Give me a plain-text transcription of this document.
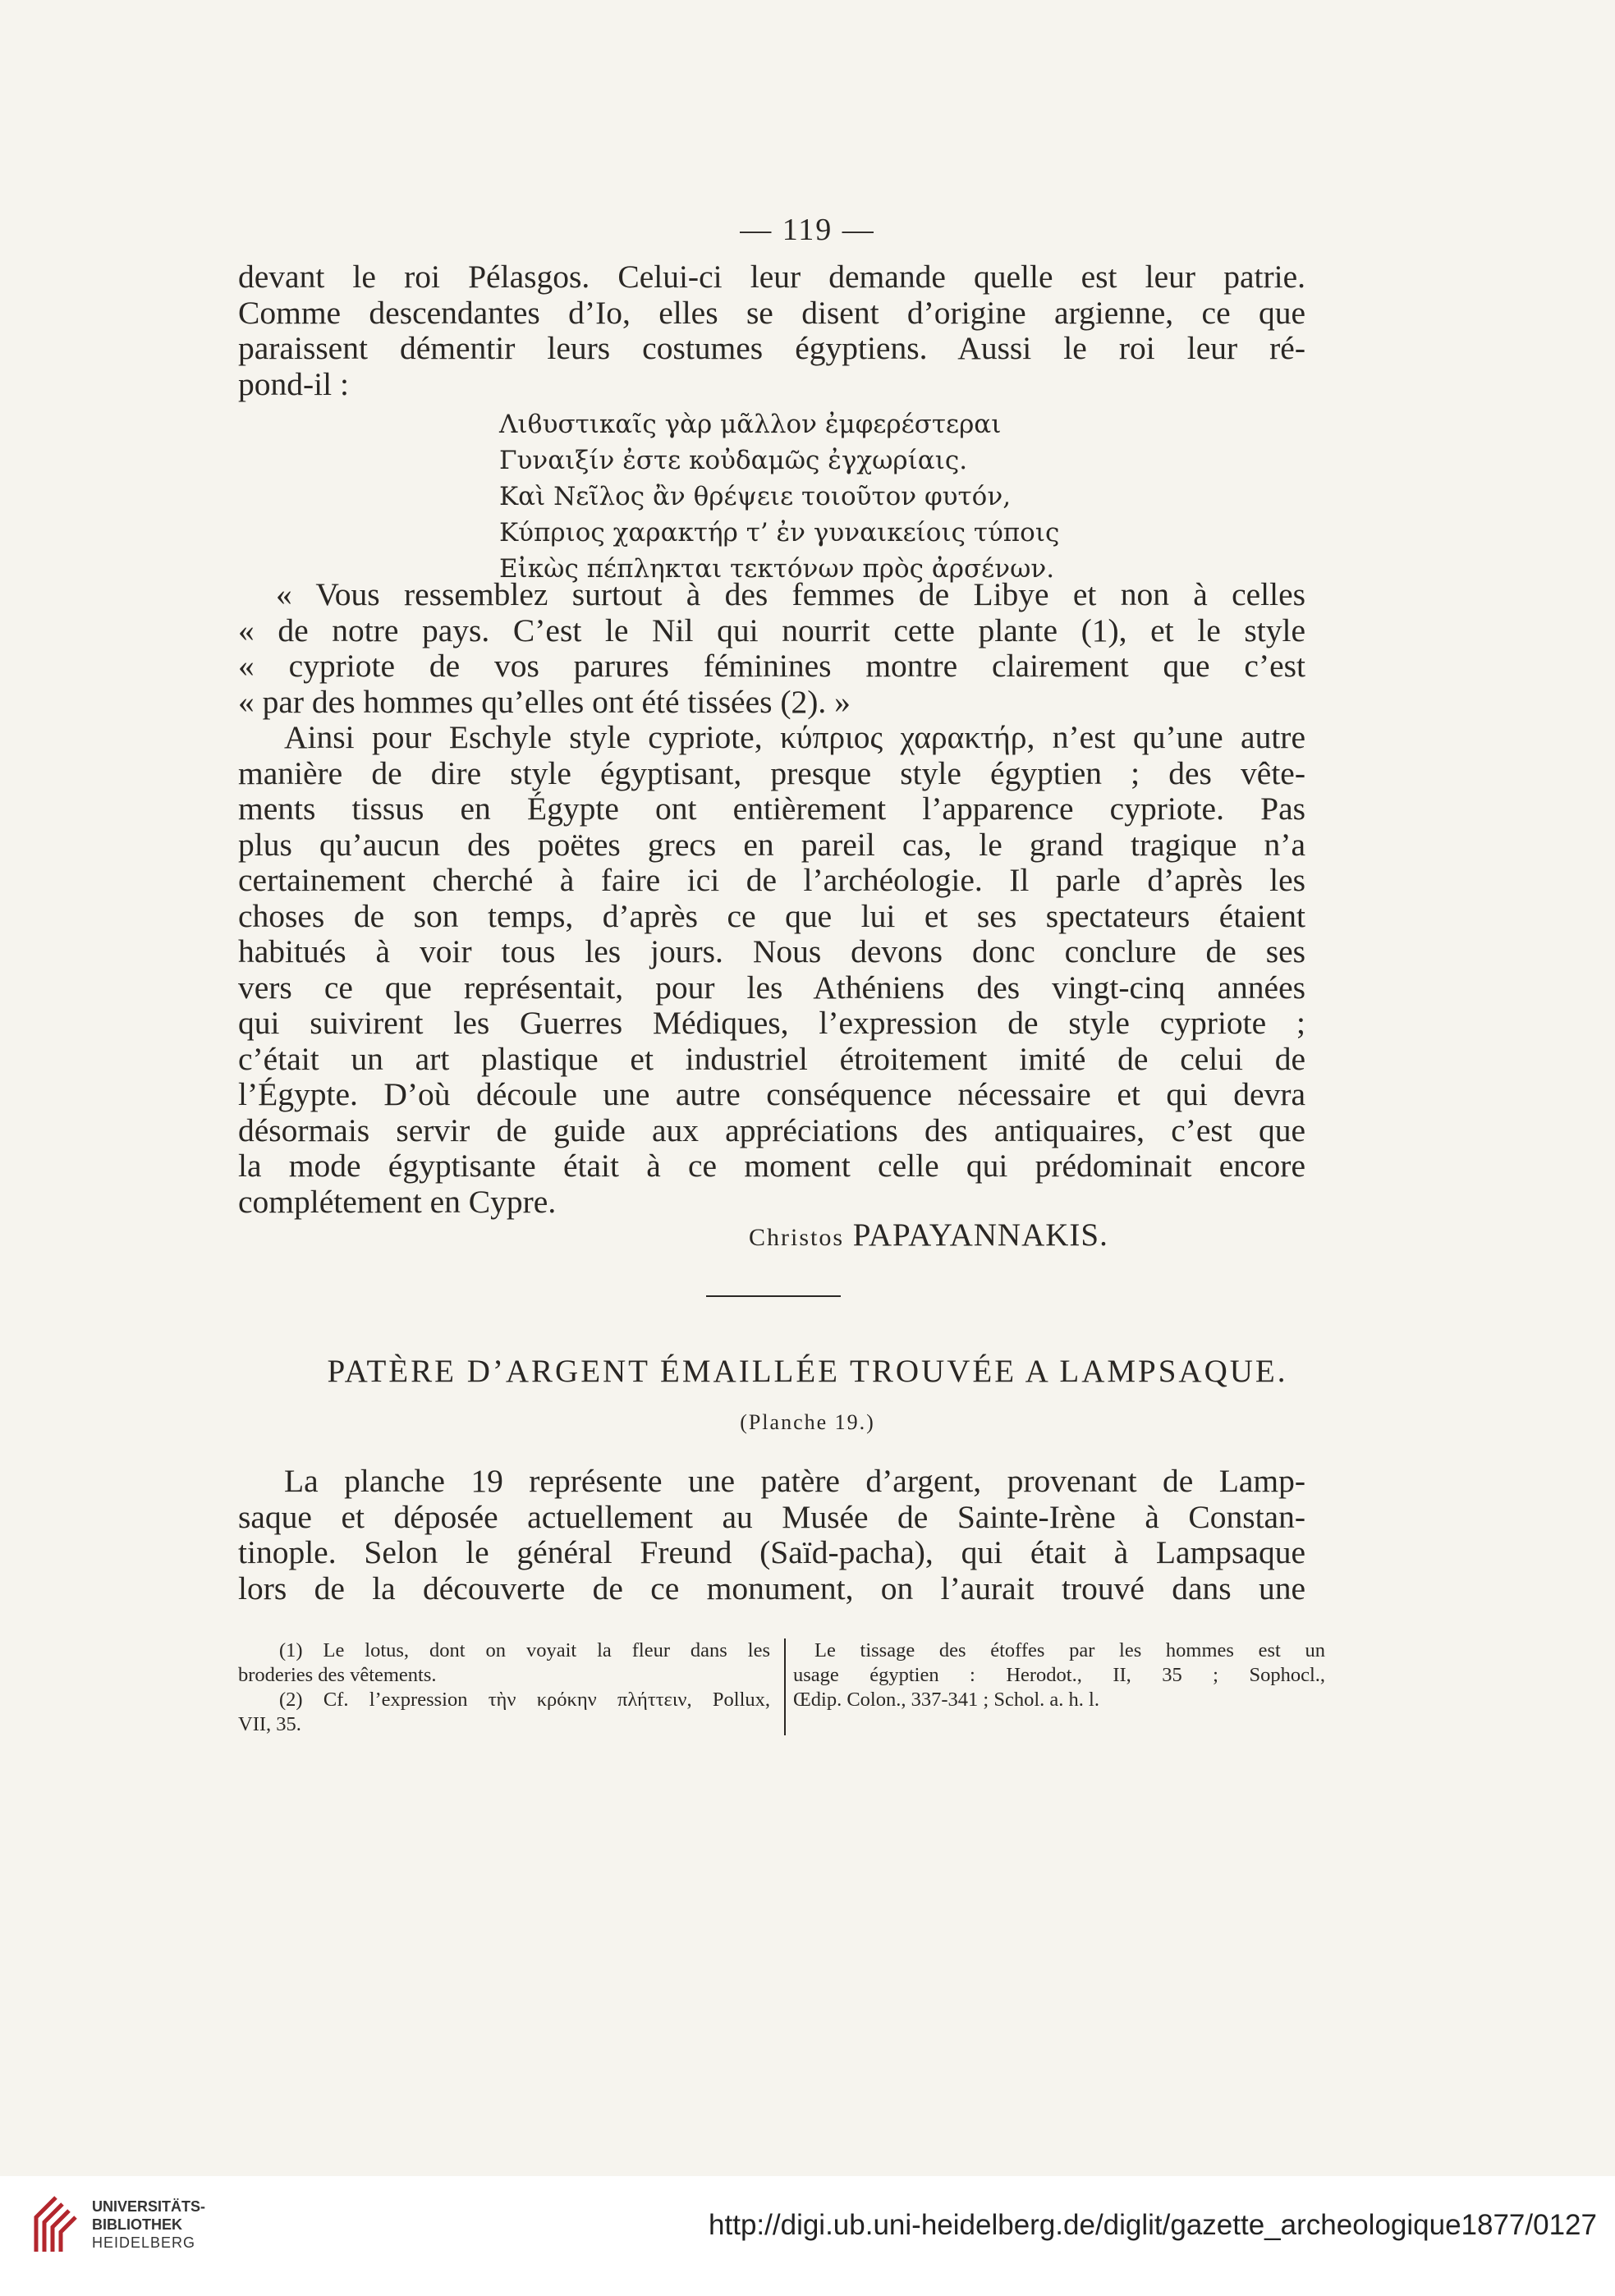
— 119 —
devant le roi Pélasgos. Celui-ci leur demande quelle est leur patrie.
Comme descendantes d’Io, elles se disent d’origine argienne, ce que
paraissent démentir leurs costumes égyptiens. Aussi le roi leur ré-
pond-il :
Λιϐυστικαῖς γὰρ μᾶλλον ἐμφερέστεραι
Γυναιξίν ἐστε κοὐδαμῶς ἐγχωρίαις.
Καὶ Νεῖλος ἂν θρέψειε τοιοῦτον φυτόν,
Κύπριος χαρακτήρ τ’ ἐν γυναικείοις τύποις
Εἰκὼς πέπληκται τεκτόνων πρὸς ἀρσένων.
« Vous ressemblez surtout à des femmes de Libye et non à celles
« de notre pays. C’est le Nil qui nourrit cette plante (1), et le style
« cypriote de vos parures féminines montre clairement que c’est
« par des hommes qu’elles ont été tissées (2). »
Ainsi pour Eschyle style cypriote, κύπριος χαρακτήρ, n’est qu’une autre
manière de dire style égyptisant, presque style égyptien ; des vête-
ments tissus en Égypte ont entièrement l’apparence cypriote. Pas
plus qu’aucun des poëtes grecs en pareil cas, le grand tragique n’a
certainement cherché à faire ici de l’archéologie. Il parle d’après les
choses de son temps, d’après ce que lui et ses spectateurs étaient
habitués à voir tous les jours. Nous devons donc conclure de ses
vers ce que représentait, pour les Athéniens des vingt-cinq années
qui suivirent les Guerres Médiques, l’expression de style cypriote ;
c’était un art plastique et industriel étroitement imité de celui de
l’Égypte. D’où découle une autre conséquence nécessaire et qui devra
désormais servir de guide aux appréciations des antiquaires, c’est que
la mode égyptisante était à ce moment celle qui prédominait encore
complétement en Cypre.
Christos PAPAYANNAKIS.
PATÈRE D’ARGENT ÉMAILLÉE TROUVÉE A LAMPSAQUE.
(Planche 19.)
La planche 19 représente une patère d’argent, provenant de Lamp-
saque et déposée actuellement au Musée de Sainte-Irène à Constan-
tinople. Selon le général Freund (Saïd-pacha), qui était à Lampsaque
lors de la découverte de ce monument, on l’aurait trouvé dans une
(1) Le lotus, dont on voyait la fleur dans les
broderies des vêtements.
(2) Cf. l’expression τὴν κρόκην πλήττειν, Pollux,
VII, 35.
Le tissage des étoffes par les hommes est un
usage égyptien : Herodot., II, 35 ; Sophocl.,
Œdip. Colon., 337-341 ; Schol. a. h. l.
UNIVERSITÄTS-
BIBLIOTHEK
HEIDELBERG
http://digi.ub.uni-heidelberg.de/diglit/gazette_archeologique1877/0127
